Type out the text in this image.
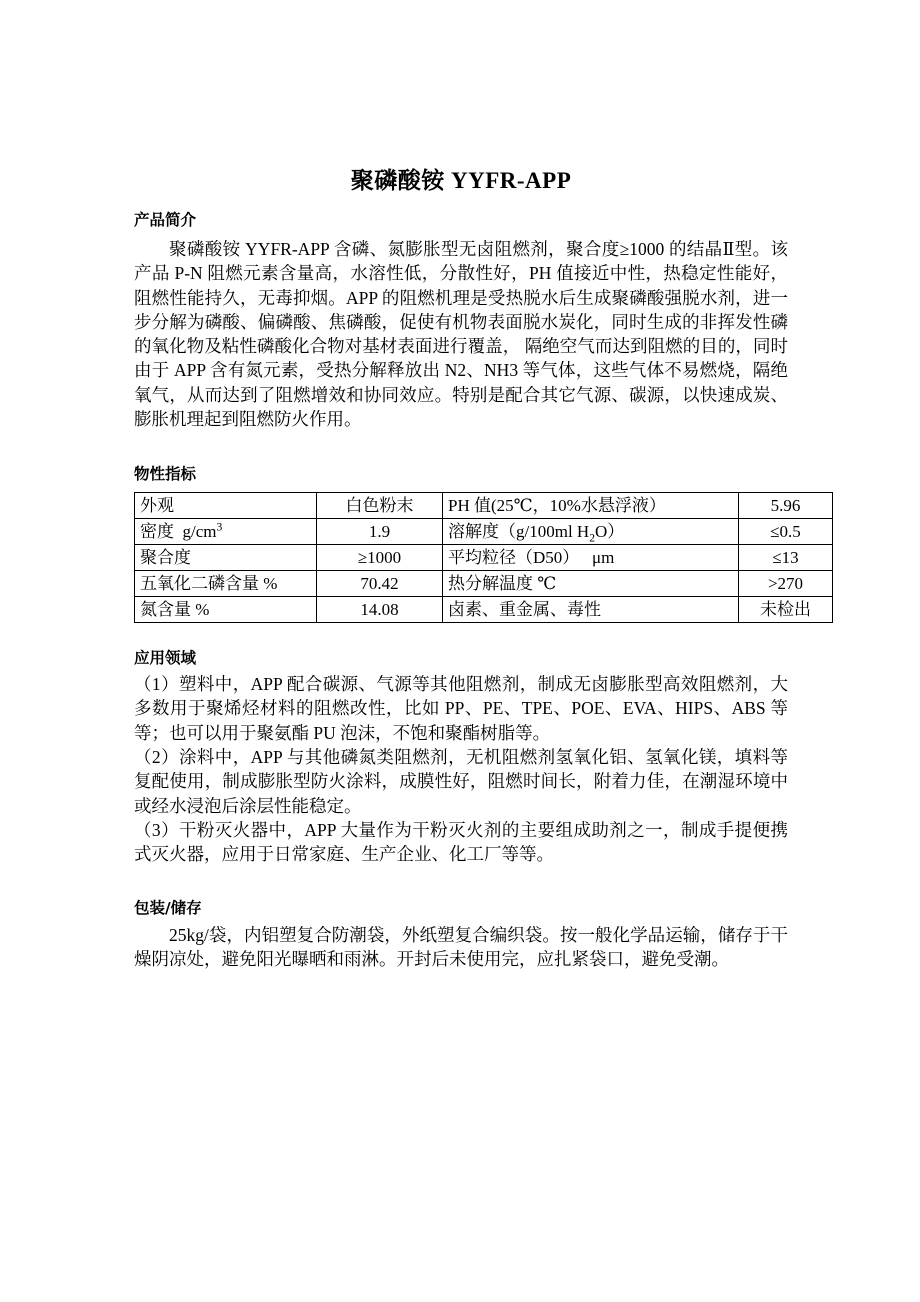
聚磷酸铵 YYFR-APP
产品简介

聚磷酸铵 YYFR-APP 含磷、氮膨胀型无卤阻燃剂，聚合度≥1000 的结晶Ⅱ型。该产品 P-N 阻燃元素含量高，水溶性低，分散性好，PH 值接近中性，热稳定性能好，阻燃性能持久，无毒抑烟。APP 的阻燃机理是受热脱水后生成聚磷酸强脱水剂，进一步分解为磷酸、偏磷酸、焦磷酸，促使有机物表面脱水炭化，同时生成的非挥发性磷的氧化物及粘性磷酸化合物对基材表面进行覆盖， 隔绝空气而达到阻燃的目的，同时由于 APP 含有氮元素，受热分解释放出 N2、NH3 等气体，这些气体不易燃烧，隔绝氧气，从而达到了阻燃增效和协同效应。特别是配合其它气源、碳源，以快速成炭、膨胀机理起到阻燃防火作用。

物性指标
外观	白色粉末	PH 值(25℃，10%水悬浮液）	5.96
密度  $g/cm^3$	1.9	溶解度（g/100ml $H_2O$）	≤0.5
聚合度	≥1000	平均粒径（D50）   μm	≤13
五氧化二磷含量 %	70.42	热分解温度 ℃	>270
氮含量 %	14.08	卤素、重金属、毒性	未检出
应用领域

（1）塑料中，APP 配合碳源、气源等其他阻燃剂，制成无卤膨胀型高效阻燃剂，大多数用于聚烯烃材料的阻燃改性，比如 PP、PE、TPE、POE、EVA、HIPS、ABS 等等；也可以用于聚氨酯 PU 泡沫，不饱和聚酯树脂等。

（2）涂料中，APP 与其他磷氮类阻燃剂，无机阻燃剂氢氧化铝、氢氧化镁，填料等复配使用，制成膨胀型防火涂料，成膜性好，阻燃时间长，附着力佳，在潮湿环境中或经水浸泡后涂层性能稳定。

（3）干粉灭火器中，APP 大量作为干粉灭火剂的主要组成助剂之一，制成手提便携式灭火器，应用于日常家庭、生产企业、化工厂等等。

包装/储存

25kg/袋，内铝塑复合防潮袋，外纸塑复合编织袋。按一般化学品运输，储存于干燥阴凉处，避免阳光曝晒和雨淋。开封后未使用完，应扎紧袋口，避免受潮。
